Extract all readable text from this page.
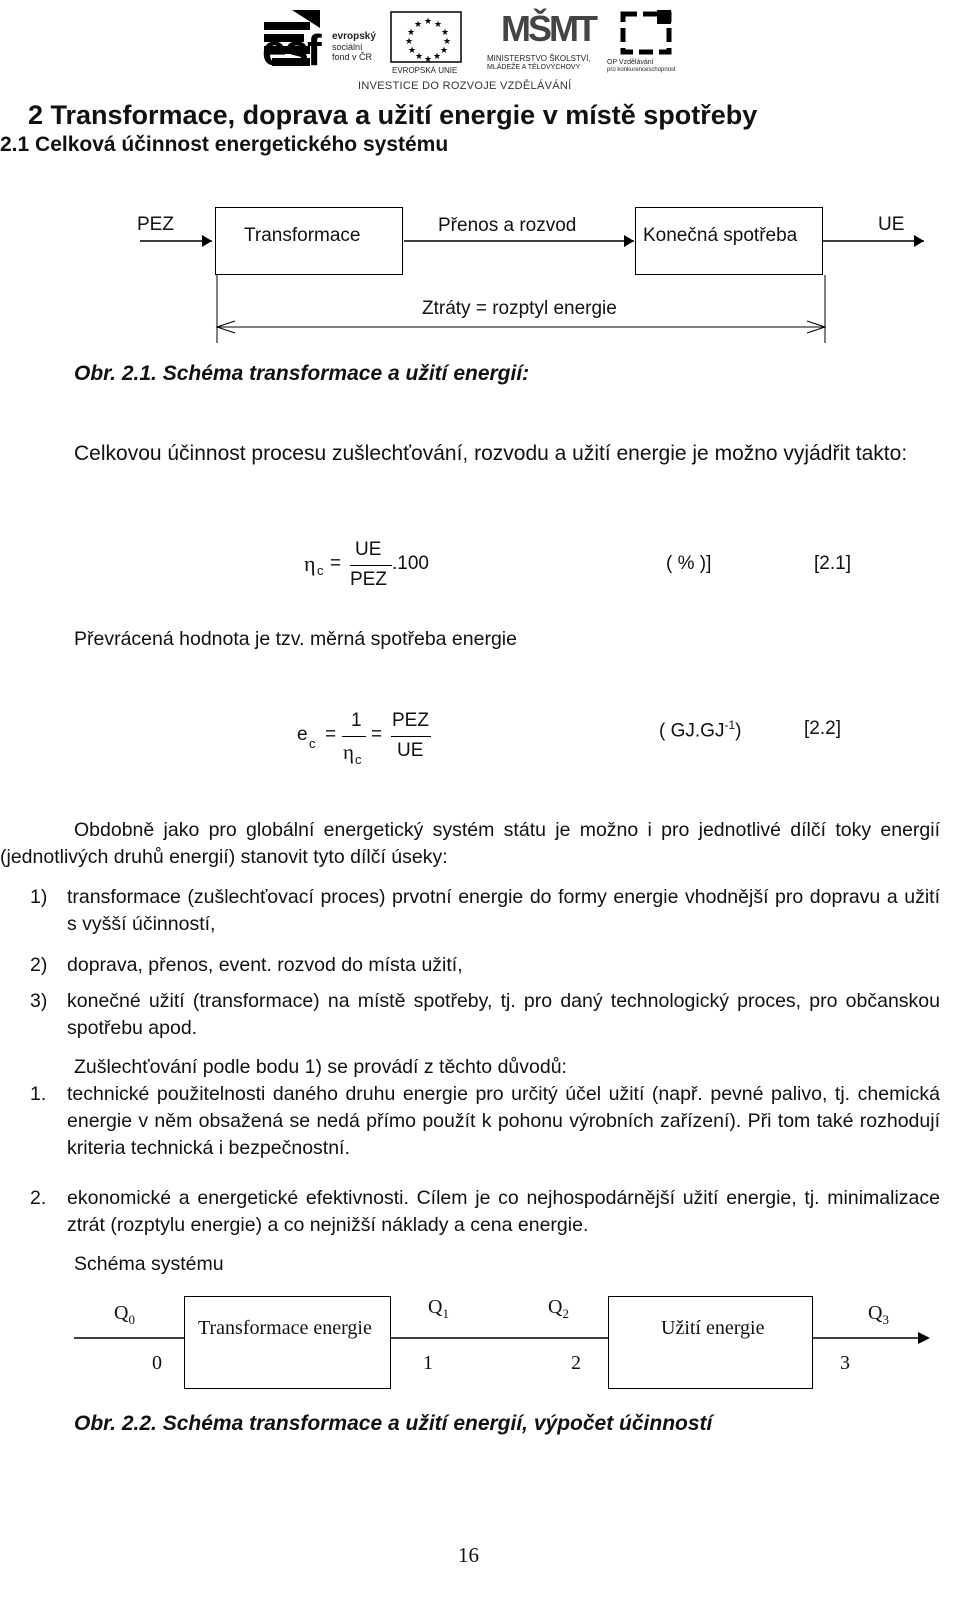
esf evropský
sociální
fond v ČR
★ ★
★
★
★
★
★
★
★
★
★
★
EVROPSKÁ UNIE
MŠMT
MINISTERSTVO ŠKOLSTVÍ,
MLÁDEŽE A TĚLOVÝCHOVY
OP Vzdělávání
pro konkurenceschopnost
INVESTICE DO ROZVOJE VZDĚLÁVÁNÍ
2 Transformace, doprava a užití energie v místě spotřeby
2.1 Celková účinnost energetického systému
PEZ
Transformace	Přenos a rozvod	Konečná spotřeba
UE
Ztráty = rozptyl energie
Obr. 2.1. Schéma transformace a užití energií:
Celkovou účinnost procesu zušlechťování, rozvodu a užití energie je možno vyjádřit takto:
η c =
UE
PEZ
.100	( % )]	[2.1]
Převrácená hodnota je tzv. měrná spotřeba energie
e c =
1
η c
=
PEZ
UE
( $GJ.GJ^{-1}$)	[2.2]
Obdobně jako pro globální energetický systém státu je možno i pro jednotlivé dílčí toky energií (jednotlivých druhů energií) stanovit tyto dílčí úseky:
1) transformace (zušlechťovací proces) prvotní energie do formy energie vhodnější pro dopravu a užití s vyšší účinností,
2) doprava, přenos, event. rozvod do místa užití,
3) konečné užití (transformace) na místě spotřeby, tj. pro daný technologický proces, pro občanskou spotřebu apod.
Zušlechťování podle bodu 1) se provádí z těchto důvodů:
1. technické použitelnosti daného druhu energie pro určitý účel užití (např. pevné palivo, tj. chemická energie v něm obsažená se nedá přímo použít k pohonu výrobních zařízení). Při tom také rozhodují kriteria technická i bezpečnostní.
2. ekonomické a energetické efektivnosti. Cílem je co nejhospodárnější užití energie, tj. minimalizace ztrát (rozptylu energie) a co nejnižší náklady a cena energie.
Schéma systému
$Q_0$
$Q_1$	$Q_2$	$Q_3$
Transformace energie	Užití energie
0	1	2	3
Obr. 2.2. Schéma transformace a užití energií, výpočet účinností
16
